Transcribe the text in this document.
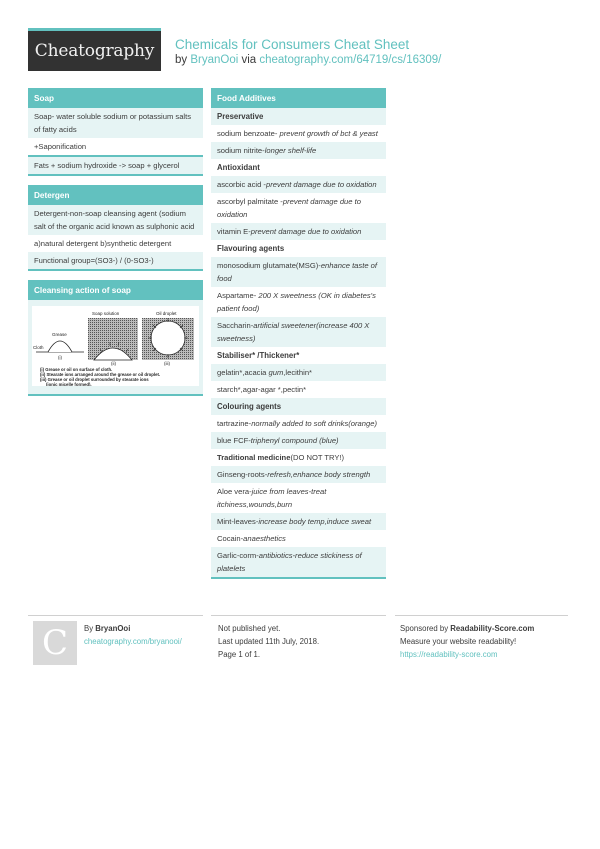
Cheatography Chemicals for Consumers Cheat Sheet
by BryanOoi via cheatography.com/64719/cs/16309/
Soap
Soap- water soluble sodium or potassium salts of fatty acids
+Saponification
Fats + sodium hydroxide -> soap + glycerol
Detergen
Detergent-non-soap cleansing agent (sodium salt of the organic acid known as sulphonic acid
a)natural detergent b)synthetic detergent
Functional group=(SO3-) / (0-SO3-)
Cleansing action of soap
Soap solution	Oil droplet
Grease
Cloth
(i)
(ii)	(iii)
(i) Grease or oil on surface of cloth.
(ii) Stearate ions arranged around the grease or oil droplet.
(iii) Grease or oil droplet surrounded by stearate ions
(ionic micelle formed).
Food Additives
Preservative
sodium benzoate- prevent growth of bct & yeast
sodium nitrite-longer shelf-life
Antioxidant
ascorbic acid -prevent damage due to oxidation
ascorbyl palmitate -prevent damage due to oxidation
vitamin E-prevent damage due to oxidation
Flavouring agents
monosodium glutamate(MSG)-enhance taste of food
Aspartame- 200 X sweetness (OK in diabetes's patient food)
Saccharin-artificial sweetener(increase 400 X sweetness)
Stabiliser* /Thickener*
gelatin*,acacia gum,lecithin*
starch*,agar-agar *,pectin*
Colouring agents
tartrazine-normally added to soft drinks(orange)
blue FCF-triphenyl compound (blue)
Traditional medicine(DO NOT TRY!)
Ginseng-roots-refresh,enhance body strength
Aloe vera-juice from leaves-treat itchiness,wounds,burn
Mint-leaves-increase body temp,induce sweat
Cocain-anaesthetics
Garlic-corm-antibiotics-reduce stickiness of platelets
C By BryanOoi
cheatography.com/bryanooi/
Not published yet.
Last updated 11th July, 2018.
Page 1 of 1.
Sponsored by Readability-Score.com
Measure your website readability!
https://readability-score.com
